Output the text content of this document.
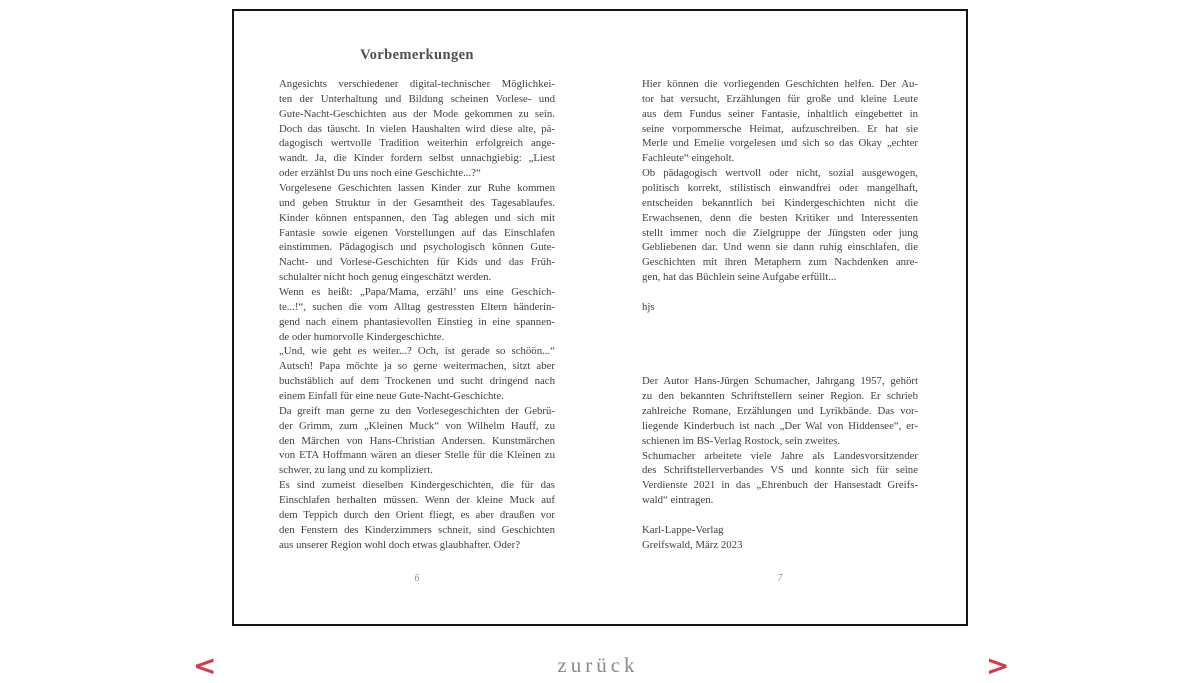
Vorbemerkungen
Angesichts verschiedener digital-technischer Möglichkei-
ten der Unterhaltung und Bildung scheinen Vorlese- und
Gute-Nacht-Geschichten aus der Mode gekommen zu sein.
Doch das täuscht. In vielen Haushalten wird diese alte, pä-
dagogisch wertvolle Tradition weiterhin erfolgreich ange-
wandt. Ja, die Kinder fordern selbst unnachgiebig: „Liest
oder erzählst Du uns noch eine Geschichte...?“
Vorgelesene Geschichten lassen Kinder zur Ruhe kommen
und geben Struktur in der Gesamtheit des Tagesablaufes.
Kinder können entspannen, den Tag ablegen und sich mit
Fantasie sowie eigenen Vorstellungen auf das Einschlafen
einstimmen. Pädagogisch und psychologisch können Gute-
Nacht- und Vorlese-Geschichten für Kids und das Früh-
schulalter nicht hoch genug eingeschätzt werden.
Wenn es heißt: „Papa/Mama, erzähl’ uns eine Geschich-
te...!“, suchen die vom Alltag gestressten Eltern händerin-
gend nach einem phantasievollen Einstieg in eine spannen-
de oder humorvolle Kindergeschichte.
„Und, wie geht es weiter...? Och, ist gerade so schöön...“
Autsch! Papa möchte ja so gerne weitermachen, sitzt aber
buchstäblich auf dem Trockenen und sucht dringend nach
einem Einfall für eine neue Gute-Nacht-Geschichte.
Da greift man gerne zu den Vorlesegeschichten der Gebrü-
der Grimm, zum „Kleinen Muck“ von Wilhelm Hauff, zu
den Märchen von Hans-Christian Andersen. Kunstmärchen
von ETA Hoffmann wären an dieser Stelle für die Kleinen zu
schwer, zu lang und zu kompliziert.
Es sind zumeist dieselben Kindergeschichten, die für das
Einschlafen herhalten müssen. Wenn der kleine Muck auf
dem Teppich durch den Orient fliegt, es aber draußen vor
den Fenstern des Kinderzimmers schneit, sind Geschichten
aus unserer Region wohl doch etwas glaubhafter. Oder?
6
Hier können die vorliegenden Geschichten helfen. Der Au-
tor hat versucht, Erzählungen für große und kleine Leute
aus dem Fundus seiner Fantasie, inhaltlich eingebettet in
seine vorpommersche Heimat, aufzuschreiben. Er hat sie
Merle und Emelie vorgelesen und sich so das Okay „echter
Fachleute“ eingeholt.
Ob pädagogisch wertvoll oder nicht, sozial ausgewogen,
politisch korrekt, stilistisch einwandfrei oder mangelhaft,
entscheiden bekanntlich bei Kindergeschichten nicht die
Erwachsenen, denn die besten Kritiker und Interessenten
stellt immer noch die Zielgruppe der Jüngsten oder jung
Gebliebenen dar. Und wenn sie dann ruhig einschlafen, die
Geschichten mit ihren Metaphern zum Nachdenken anre-
gen, hat das Büchlein seine Aufgabe erfüllt...
hjs
Der Autor Hans-Jürgen Schumacher, Jahrgang 1957, gehört
zu den bekannten Schriftstellern seiner Region. Er schrieb
zahlreiche Romane, Erzählungen und Lyrikbände. Das vor-
liegende Kinderbuch ist nach „Der Wal von Hiddensee“, er-
schienen im BS-Verlag Rostock, sein zweites.
Schumacher arbeitete viele Jahre als Landesvorsitzender
des Schriftstellerverbandes VS und konnte sich für seine
Verdienste 2021 in das „Ehrenbuch der Hansestadt Greifs-
wald“ eintragen.
Karl-Lappe-Verlag
Greifswald, März 2023
7
<	zurück	>
